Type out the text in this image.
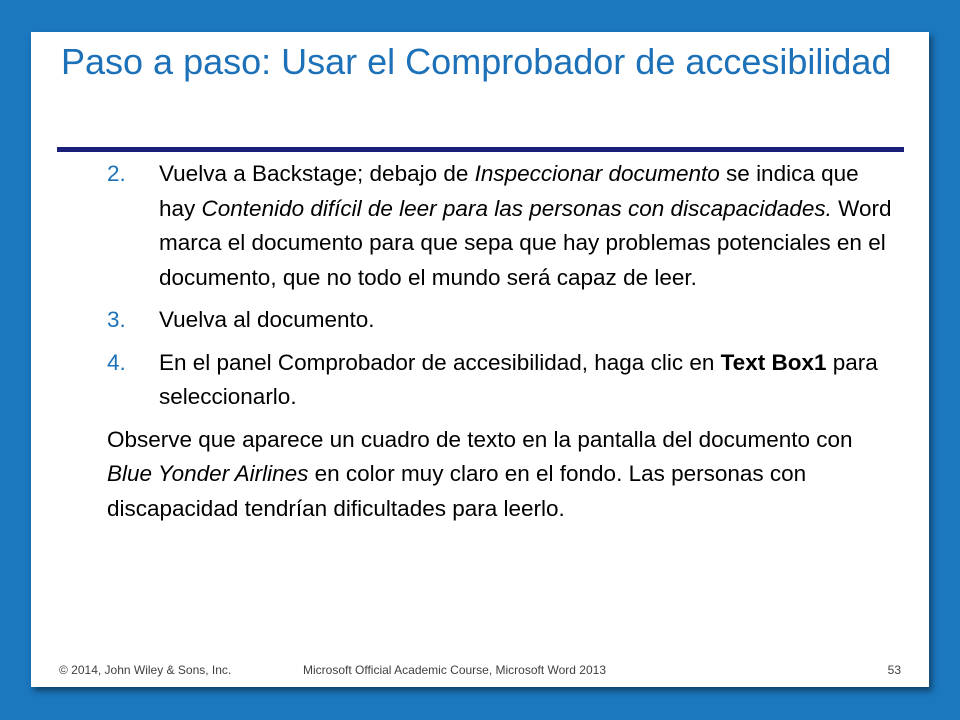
Paso a paso: Usar el Comprobador de accesibilidad
2. Vuelva a Backstage; debajo de Inspeccionar documento se indica que hay Contenido difícil de leer para las personas con discapacidades. Word marca el documento para que sepa que hay problemas potenciales en el documento, que no todo el mundo será capaz de leer.
3. Vuelva al documento.
4. En el panel Comprobador de accesibilidad, haga clic en Text Box1 para seleccionarlo.
Observe que aparece un cuadro de texto en la pantalla del documento con Blue Yonder Airlines en color muy claro en el fondo. Las personas con discapacidad tendrían dificultades para leerlo.
© 2014, John Wiley & Sons, Inc.	Microsoft Official Academic Course, Microsoft Word 2013	53
